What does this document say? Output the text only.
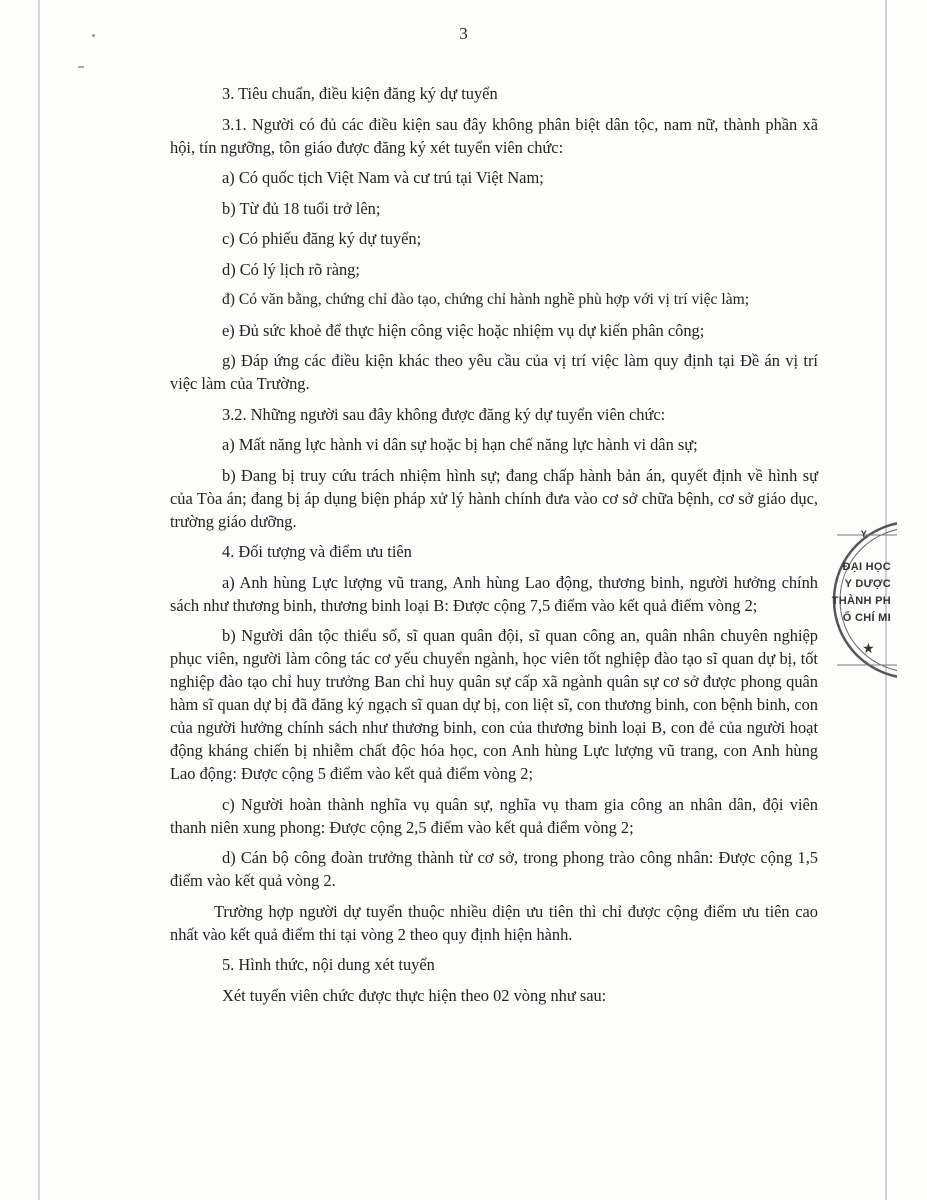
3

3. Tiêu chuẩn, điều kiện đăng ký dự tuyển

3.1. Người có đủ các điều kiện sau đây không phân biệt dân tộc, nam nữ, thành phần xã hội, tín ngưỡng, tôn giáo được đăng ký xét tuyển viên chức:

a) Có quốc tịch Việt Nam và cư trú tại Việt Nam;

b) Từ đủ 18 tuổi trở lên;

c) Có phiếu đăng ký dự tuyển;

d) Có lý lịch rõ ràng;

đ) Có văn bằng, chứng chỉ đào tạo, chứng chỉ hành nghề phù hợp với vị trí việc làm;

e) Đủ sức khoẻ để thực hiện công việc hoặc nhiệm vụ dự kiến phân công;

g) Đáp ứng các điều kiện khác theo yêu cầu của vị trí việc làm quy định tại Đề án vị trí việc làm của Trường.

3.2. Những người sau đây không được đăng ký dự tuyển viên chức:

a) Mất năng lực hành vi dân sự hoặc bị hạn chế năng lực hành vi dân sự;

b) Đang bị truy cứu trách nhiệm hình sự; đang chấp hành bản án, quyết định về hình sự của Tòa án; đang bị áp dụng biện pháp xử lý hành chính đưa vào cơ sở chữa bệnh, cơ sở giáo dục, trường giáo dưỡng.

4. Đối tượng và điểm ưu tiên

a) Anh hùng Lực lượng vũ trang, Anh hùng Lao động, thương binh, người hưởng chính sách như thương binh, thương binh loại B: Được cộng 7,5 điểm vào kết quả điểm vòng 2;

b) Người dân tộc thiểu số, sĩ quan quân đội, sĩ quan công an, quân nhân chuyên nghiệp phục viên, người làm công tác cơ yếu chuyển ngành, học viên tốt nghiệp đào tạo sĩ quan dự bị, tốt nghiệp đào tạo chỉ huy trưởng Ban chỉ huy quân sự cấp xã ngành quân sự cơ sở được phong quân hàm sĩ quan dự bị đã đăng ký ngạch sĩ quan dự bị, con liệt sĩ, con thương binh, con bệnh binh, con của người hưởng chính sách như thương binh, con của thương binh loại B, con đẻ của người hoạt động kháng chiến bị nhiễm chất độc hóa học, con Anh hùng Lực lượng vũ trang, con Anh hùng Lao động: Được cộng 5 điểm vào kết quả điểm vòng 2;

c) Người hoàn thành nghĩa vụ quân sự, nghĩa vụ tham gia công an nhân dân, đội viên thanh niên xung phong: Được cộng 2,5 điểm vào kết quả điểm vòng 2;

d) Cán bộ công đoàn trưởng thành từ cơ sở, trong phong trào công nhân: Được cộng 1,5 điểm vào kết quả vòng 2.

Trường hợp người dự tuyển thuộc nhiều diện ưu tiên thì chỉ được cộng điểm ưu tiên cao nhất vào kết quả điểm thi tại vòng 2 theo quy định hiện hành.

5. Hình thức, nội dung xét tuyển

Xét tuyển viên chức được thực hiện theo 02 vòng như sau:

Y
ĐẠI HỌC
Y DƯỢC
THÀNH PH
Ố CHÍ MI
★
